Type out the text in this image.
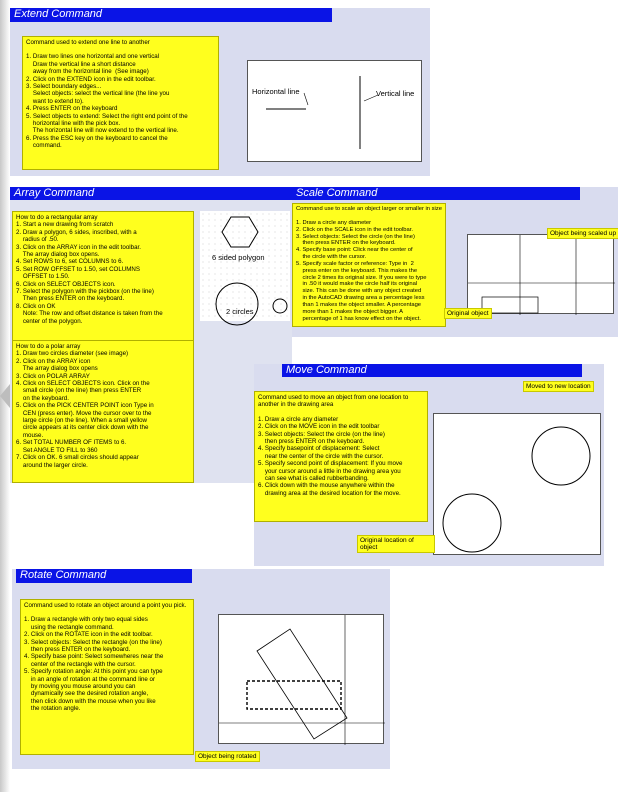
Extend Command

Command used to extend one line to another

1. Draw two lines one horizontal and one vertical

Draw the vertical line a short distance

away from the horizontal line  (See image)

2. Click on the EXTEND icon in the edit toolbar.

3. Select boundary edges...

Select objects: select the vertical line (the line you

want to extend to).

4. Press ENTER on the keyboard

5. Select objects to extend: Select the right end point of the

horizontal line with the pick box.

The horizontal line will now extend to the vertical line.

6. Press the ESC key on the keyboard to cancel the

command.

Horizontal line	Vertical line
Array Command

How to do a rectangular array

1. Start a new drawing from scratch

2. Draw a polygon, 6 sides, inscribed, with a

radius of .50.

3. Click on the ARRAY icon in the edit toolbar.

The array dialog box opens.

4. Set ROWS to 6, set COLUMNS to 6.

5. Set ROW OFFSET to 1.50, set COLUMNS

OFFSET to 1.50.

6. Click on SELECT OBJECTS icon.

7. Select the polygon with the pickbox (on the line)

Then press ENTER on the keyboard.

8. Click on OK

Note: The row and offset distance is taken from the

center of the polygon.

How to do a polar array

1. Draw two circles diameter (see image)

2. Click on the ARRAY icon

The array dialog box opens

3. Click on POLAR ARRAY

4. Click on SELECT OBJECTS icon. Click on the

small circle (on the line) then press ENTER

on the keyboard.

5. Click on the PICK CENTER POINT icon Type in

CEN (press enter). Move the cursor over to the

large circle (on the line). When a small yellow

circle appears at its center click down with the

mouse.

6. Set TOTAL NUMBER OF ITEMS to 6.

Set ANGLE TO FILL to 360

7. Click on OK. 6 small circles should appear

around the larger circle.

6 sided polygon
2 circles
Scale Command

Command use to scale an object larger or smaller in size

1. Draw a circle any diameter

2. Click on the SCALE icon in the edit toolbar.

3. Select objects: Select the circle (on the line)

then press ENTER on the keyboard.

4. Specify base point: Click near the center of

the circle with the cursor.

5. Specify scale factor or reference: Type in  2

press enter on the keyboard. This makes the

circle 2 times its original size. If you were to type

in .50 it would make the circle half its original

size. This can be done with any object created

in the AutoCAD drawing area a percentage less

than 1 makes the object smaller. A percentage

more than 1 makes the object bigger. A

percentage of 1 has know effect on the object.

Object being scaled up
Original object
Move Command

Command used to move an object from one location to another in the drawing area

1. Draw a circle any diameter

2. Click on the MOVE icon in the edit toolbar

3. Select objects: Select the circle (on the line)

then press ENTER on the keyboard.

4. Specify basepoint of displacement: Select

near the center of the circle with the cursor.

5. Specify second point of displacement: If you move

your cursor around a little in the drawing area you

can see what is called rubberbanding.

6. Click down with the mouse anywhere within the

drawing area at the desired location for the move.

Moved to new location
Original location of object
Rotate Command

Command used to rotate an object around a point you pick.

1. Draw a rectangle with only two equal sides

using the rectangle command.

2. Click on the ROTATE icon in the edit toolbar.

3. Select objects: Select the rectangle (on the line)

then press ENTER on the keyboard.

4. Specify base point: Select somewheres near the

center of the rectangle with the cursor.

5. Specify rotation angle: At this point you can type

in an angle of rotation at the command line or

by moving you mouse around you can

dynamically see the desired rotation angle,

then click down with the mouse when you like

the rotation angle.

Object being rotated
